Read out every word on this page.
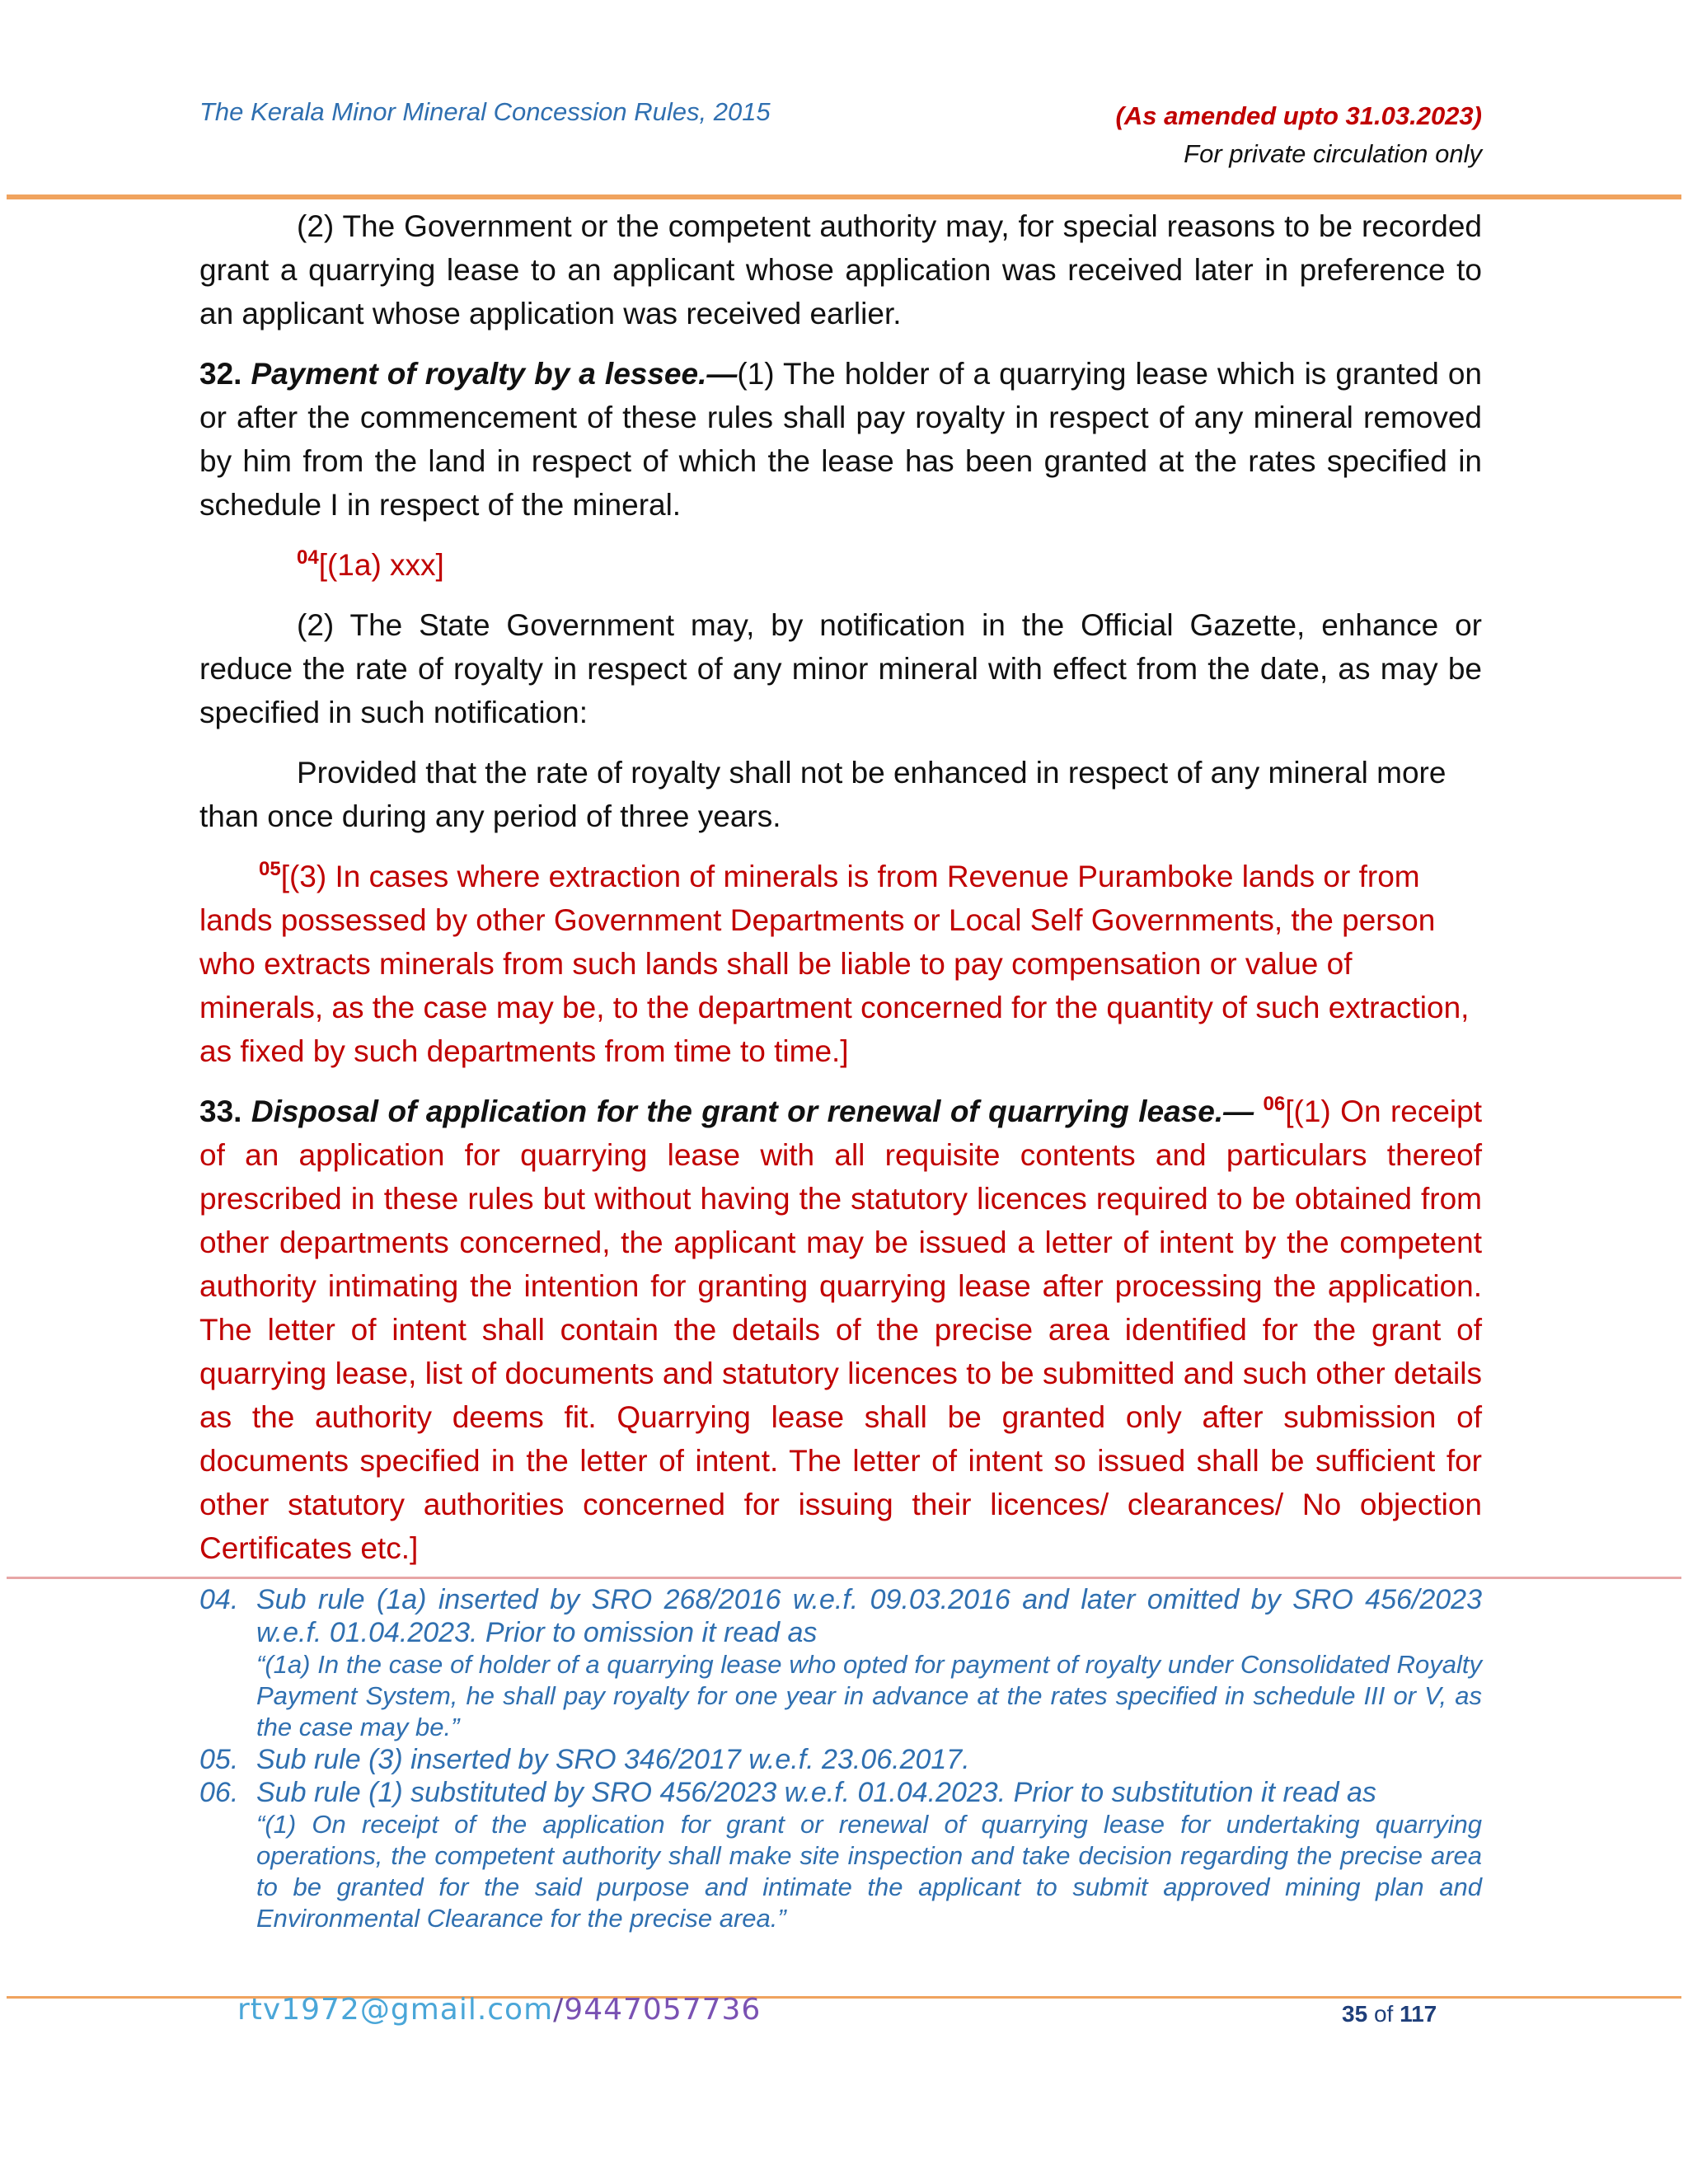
The Kerala Minor Mineral Concession Rules, 2015	(As amended upto 31.03.2023)
For private circulation only

(2) The Government or the competent authority may, for special reasons to be recorded grant a quarrying lease to an applicant whose application was received later in preference to an applicant whose application was received earlier.

32. Payment of royalty by a lessee.—(1) The holder of a quarrying lease which is granted on or after the commencement of these rules shall pay royalty in respect of any mineral removed by him from the land in respect of which the lease has been granted at the rates specified in schedule I in respect of the mineral.

$^{04}$[(1a) xxx]

(2) The State Government may, by notification in the Official Gazette, enhance or reduce the rate of royalty in respect of any minor mineral with effect from the date, as may be specified in such notification:

Provided that the rate of royalty shall not be enhanced in respect of any mineral more than once during any period of three years.

$^{05}$[(3) In cases where extraction of minerals is from Revenue Puramboke lands or from lands possessed by other Government Departments or Local Self Governments, the person who extracts minerals from such lands shall be liable to pay compensation or value of minerals, as the case may be, to the department concerned for the quantity of such extraction, as fixed by such departments from time to time.]

33. Disposal of application for the grant or renewal of quarrying lease.— $^{06}$[(1) On receipt of an application for quarrying lease with all requisite contents and particulars thereof prescribed in these rules but without having the statutory licences required to be obtained from other departments concerned, the applicant may be issued a letter of intent by the competent authority intimating the intention for granting quarrying lease after processing the application. The letter of intent shall contain the details of the precise area identified for the grant of quarrying lease, list of documents and statutory licences to be submitted and such other details as the authority deems fit. Quarrying lease shall be granted only after submission of documents specified in the letter of intent. The letter of intent so issued shall be sufficient for other statutory authorities concerned for issuing their licences/ clearances/ No objection Certificates etc.]

04. Sub rule (1a) inserted by SRO 268/2016 w.e.f. 09.03.2016 and later omitted by SRO 456/2023 w.e.f. 01.04.2023. Prior to omission it read as
“(1a) In the case of holder of a quarrying lease who opted for payment of royalty under Consolidated Royalty Payment System, he shall pay royalty for one year in advance at the rates specified in schedule III or V, as the case may be.”
05. Sub rule (3) inserted by SRO 346/2017 w.e.f. 23.06.2017.
06. Sub rule (1) substituted by SRO 456/2023 w.e.f. 01.04.2023. Prior to substitution it read as
“(1) On receipt of the application for grant or renewal of quarrying lease for undertaking quarrying operations, the competent authority shall make site inspection and take decision regarding the precise area to be granted for the said purpose and intimate the applicant to submit approved mining plan and Environmental Clearance for the precise area.”
rtv1972@gmail.com/9447057736	35 of 117
